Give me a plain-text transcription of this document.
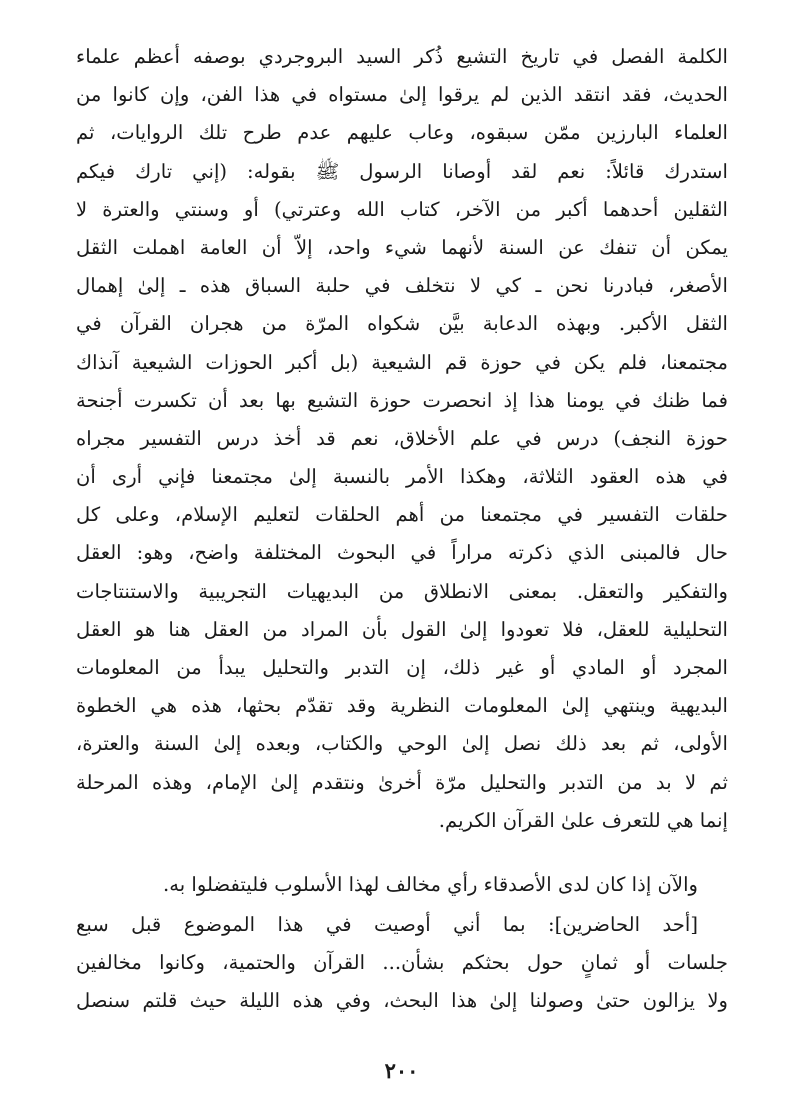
الكلمة الفصل في تاريخ التشيع ذُكر السيد البروجردي بوصفه أعظم علماء
الحديث، فقد انتقد الذين لم يرقوا إلىٰ مستواه في هذا الفن، وإن كانوا من
العلماء البارزين ممّن سبقوه، وعاب عليهم عدم طرح تلك الروايات، ثم
استدرك قائلاً: نعم لقد أوصانا الرسول ﷺ بقوله: (إني تارك فيكم
الثقلين أحدهما أكبر من الآخر، كتاب الله وعترتي) أو وسنتي والعترة لا
يمكن أن تنفك عن السنة لأنهما شيء واحد، إلاّ أن العامة اهملت الثقل
الأصغر، فبادرنا نحن ـ كي لا نتخلف في حلبة السباق هذه ـ إلىٰ إهمال
الثقل الأكبر. وبهذه الدعابة بيَّن شكواه المرّة من هجران القرآن في
مجتمعنا، فلم يكن في حوزة قم الشيعية (بل أكبر الحوزات الشيعية آنذاك
فما ظنك في يومنا هذا إذ انحصرت حوزة التشيع بها بعد أن تكسرت أجنحة
حوزة النجف) درس في علم الأخلاق، نعم قد أخذ درس التفسير مجراه
في هذه العقود الثلاثة، وهكذا الأمر بالنسبة إلىٰ مجتمعنا فإني أرى أن
حلقات التفسير في مجتمعنا من أهم الحلقات لتعليم الإسلام، وعلى كل
حال فالمبنى الذي ذكرته مراراً في البحوث المختلفة واضح، وهو: العقل
والتفكير والتعقل. بمعنى الانطلاق من البديهيات التجريبية والاستنتاجات
التحليلية للعقل، فلا تعودوا إلىٰ القول بأن المراد من العقل هنا هو العقل
المجرد أو المادي أو غير ذلك، إن التدبر والتحليل يبدأ من المعلومات
البديهية وينتهي إلىٰ المعلومات النظرية وقد تقدّم بحثها، هذه هي الخطوة
الأولى، ثم بعد ذلك نصل إلىٰ الوحي والكتاب، وبعده إلىٰ السنة والعترة،
ثم لا بد من التدبر والتحليل مرّة أخرىٰ ونتقدم إلىٰ الإمام، وهذه المرحلة
إنما هي للتعرف علىٰ القرآن الكريم.
والآن إذا كان لدى الأصدقاء رأي مخالف لهذا الأسلوب فليتفضلوا به.
[أحد الحاضرين]: بما أني أوصيت في هذا الموضوع قبل سبع
جلسات أو ثمانٍ حول بحثكم بشأن... القرآن والحتمية، وكانوا مخالفين
ولا يزالون حتىٰ وصولنا إلىٰ هذا البحث، وفي هذه الليلة حيث قلتم سنصل
٢٠٠
